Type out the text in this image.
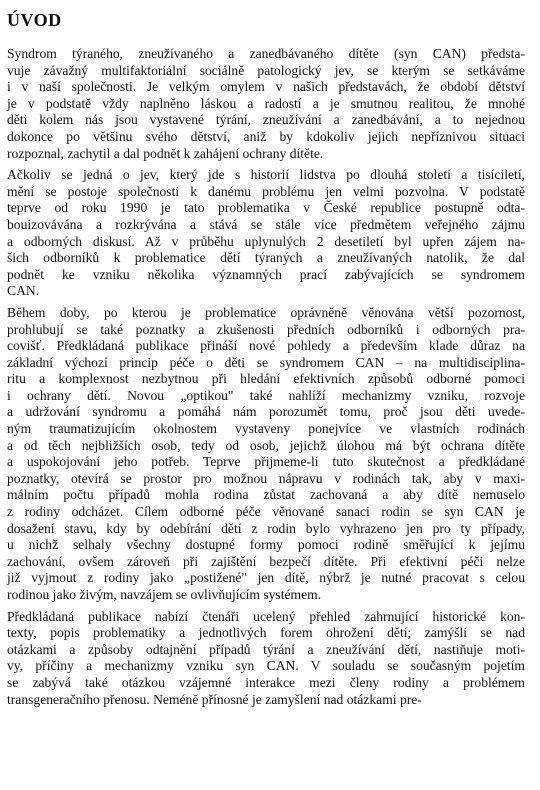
ÚVOD

Syndrom týraného, zneužívaného a zanedbávaného dítěte (syn CAN) předsta-
vuje závažný multifaktoriální sociálně patologický jev, se kterým se setkáváme
i v naší společnosti. Je velkým omylem v našich představách, že období dětství
je v podstatě vždy naplněno láskou a radostí a je smutnou realitou, že mnohé
děti kolem nás jsou vystavené týrání, zneužívání a zanedbávání, a to nejednou
dokonce po většinu svého dětství, aniž by kdokoliv jejich nepříznivou situaci
rozpoznal, zachytil a dal podnět k zahájení ochrany dítěte.

Ačkoliv se jedná o jev, který jde s historií lidstva po dlouhá století a tisíciletí,
mění se postoje společnosti k danému problému jen velmi pozvolna. V podstatě
teprve od roku 1990 je tato problematika v České republice postupně odta-
bouizovávána a rozkrývána a stává se stále více předmětem veřejného zájmu
a odborných diskusí. Až v průběhu uplynulých 2 desetiletí byl upřen zájem na-
šich odborníků k problematice dětí týraných a zneužívaných natolik, že dal
podnět ke vzniku několika významných prací zabývajících se syndromem
CAN.

Během doby, po kterou je problematice oprávněně věnována větší pozornost,
prohlubují se také poznatky a zkušenosti předních odborníků i odborných pra-
covišť. Předkládaná publikace přináší nové pohledy a především klade důraz na
základní výchozí princip péče o děti se syndromem CAN – na multidisciplina-
ritu a komplexnost nezbytnou při hledání efektivních způsobů odborné pomoci
i ochrany dětí. Novou „optikou" také nahlíží mechanizmy vzniku, rozvoje
a udržování syndromu a pomáhá nám porozumět tomu, proč jsou děti uvede-
ným traumatizujícím okolnostem vystaveny ponejvíce ve vlastních rodinách
a od těch nejbližších osob, tedy od osob, jejichž úlohou má být ochrana dítěte
a uspokojování jeho potřeb. Teprve přijmeme-li tuto skutečnost a předkládané
poznatky, otevírá se prostor pro možnou nápravu v rodinách tak, aby v maxi-
málním počtu případů mohla rodina zůstat zachovaná a aby dítě nemuselo
z rodiny odcházet. Cílem odborné péče věnované sanaci rodin se syn CAN je
dosažení stavu, kdy by odebírání dětí z rodin bylo vyhrazeno jen pro ty případy,
u nichž selhaly všechny dostupné formy pomoci rodině směřující k jejímu
zachování, ovšem zároveň při zajištění bezpečí dítěte. Při efektivní péči nelze
již vyjmout z rodiny jako „postižené" jen dítě, nýbrž je nutné pracovat s celou
rodinou jako živým, navzájem se ovlivňujícím systémem.

Předkládaná publikace nabízí čtenáři ucelený přehled zahrnující historické kon-
texty, popis problematiky a jednotlivých forem ohrožení dětí; zamýšlí se nad
otázkami a způsoby odtajnění případů týrání a zneužívání dětí, nastiňuje moti-
vy, příčiny a mechanizmy vzniku syn CAN. V souladu se současným pojetím
se zabývá také otázkou vzájemné interakce mezi členy rodiny a problémem
transgeneračního přenosu. Neméně přínosné je zamyšlení nad otázkami pre-
